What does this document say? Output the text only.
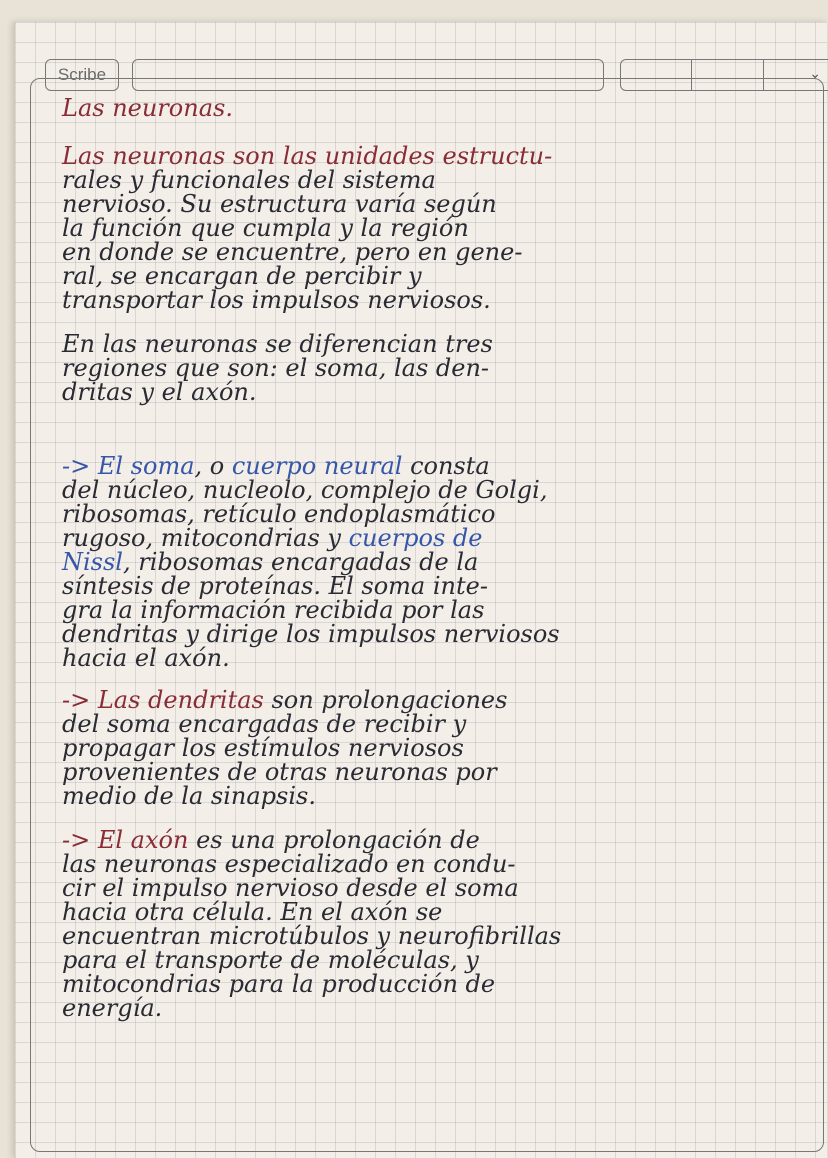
Scribe	⌄

Las neuronas.

Las neuronas son las unidades estructu-

rales y funcionales del sistema

nervioso. Su estructura varía según

la función que cumpla y la región

en donde se encuentre, pero en gene-

ral, se encargan de percibir y

transportar los impulsos nerviosos.

En las neuronas se diferencian tres

regiones que son: el soma, las den-

dritas y el axón.

-> El soma, o cuerpo neural consta

del núcleo, nucleolo, complejo de Golgi,

ribosomas, retículo endoplasmático

rugoso, mitocondrias y cuerpos de

Nissl, ribosomas encargadas de la

síntesis de proteínas. El soma inte-

gra la información recibida por las

dendritas y dirige los impulsos nerviosos

hacia el axón.

-> Las dendritas son prolongaciones

del soma encargadas de recibir y

propagar los estímulos nerviosos

provenientes de otras neuronas por

medio de la sinapsis.

-> El axón es una prolongación de

las neuronas especializado en condu-

cir el impulso nervioso desde el soma

hacia otra célula. En el axón se

encuentran microtúbulos y neurofibrillas

para el transporte de moléculas, y

mitocondrias para la producción de

energía.
